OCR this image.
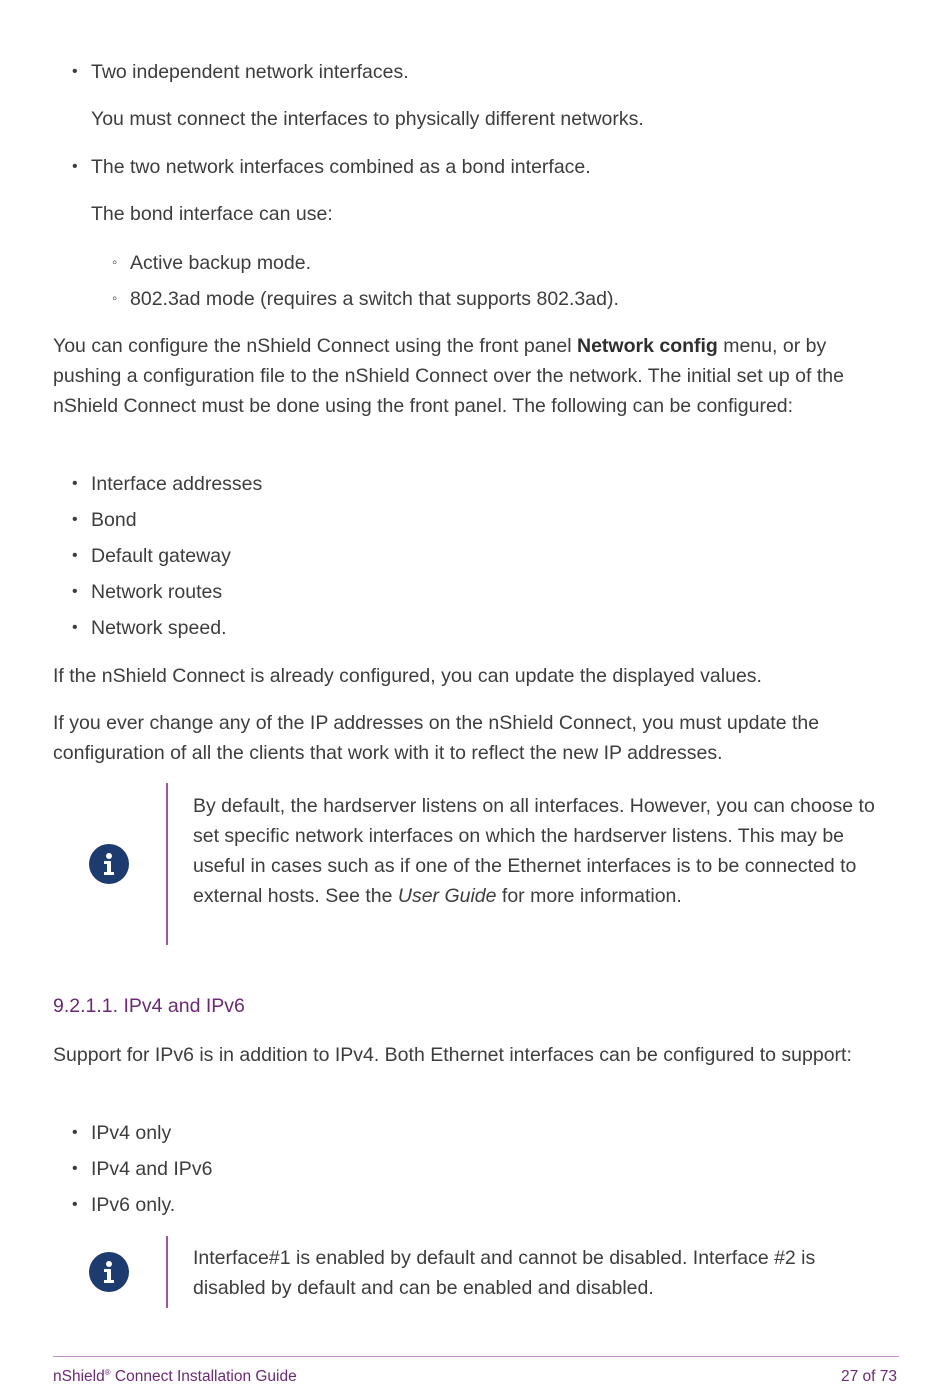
• Two independent network interfaces.

You must connect the interfaces to physically different networks.

• The two network interfaces combined as a bond interface.

The bond interface can use:

◦ Active backup mode.
◦ 802.3ad mode (requires a switch that supports 802.3ad).

You can configure the nShield Connect using the front panel Network config menu, or by pushing a configuration file to the nShield Connect over the network. The initial set up of the nShield Connect must be done using the front panel. The following can be configured:

• Interface addresses
• Bond
• Default gateway
• Network routes
• Network speed.

If the nShield Connect is already configured, you can update the displayed values.

If you ever change any of the IP addresses on the nShield Connect, you must update the configuration of all the clients that work with it to reflect the new IP addresses.

By default, the hardserver listens on all interfaces. However, you can choose to set specific network interfaces on which the hardserver listens. This may be useful in cases such as if one of the Ethernet interfaces is to be connected to external hosts. See the User Guide for more information.

9.2.1.1. IPv4 and IPv6

Support for IPv6 is in addition to IPv4. Both Ethernet interfaces can be configured to support:

• IPv4 only
• IPv4 and IPv6
• IPv6 only.

Interface#1 is enabled by default and cannot be disabled. Interface #2 is disabled by default and can be enabled and disabled.

nShield® Connect Installation Guide	27 of 73
